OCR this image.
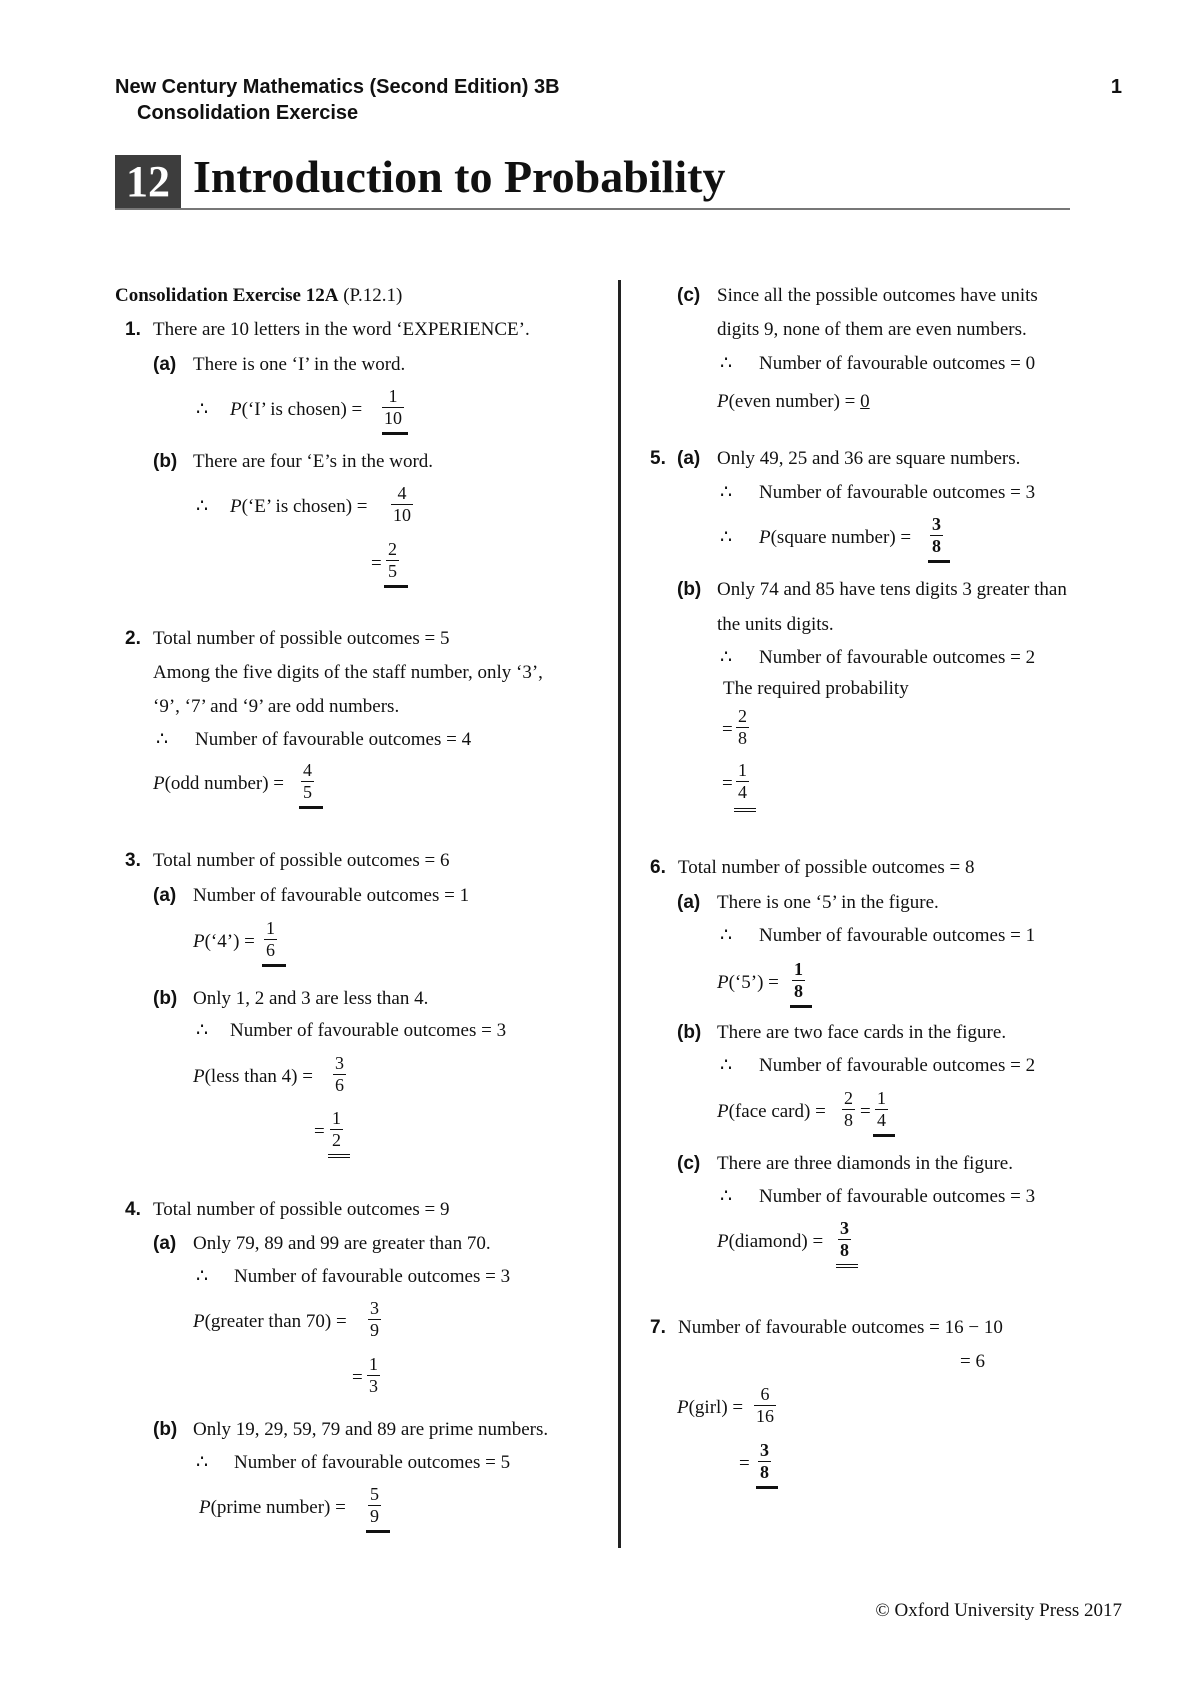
New Century Mathematics (Second Edition) 3B
Consolidation Exercise
1
12 Introduction to Probability
Consolidation Exercise 12A (P.12.1)
1. There are 10 letters in the word ‘EXPERIENCE’.
(a) There is one ‘I’ in the word.
∴ P(‘I’ is chosen) = $\frac{1}{10}$
(b) There are four ‘E’s in the word.
∴ P(‘E’ is chosen) = $\frac{4}{10}$
= $\frac{2}{5}$
2. Total number of possible outcomes = 5
Among the five digits of the staff number, only ‘3’,
‘9’, ‘7’ and ‘9’ are odd numbers.
∴ Number of favourable outcomes = 4
P(odd number) = $\frac{4}{5}$
3. Total number of possible outcomes = 6
(a) Number of favourable outcomes = 1
P(‘4’) = $\frac{1}{6}$
(b) Only 1, 2 and 3 are less than 4.
∴ Number of favourable outcomes = 3
P(less than $4) = \frac{3}{6}$
= $\frac{1}{2}$
4. Total number of possible outcomes = 9
(a) Only 79, 89 and 99 are greater than 70.
∴ Number of favourable outcomes = 3
P(greater than $70) = \frac{3}{9}$
= $\frac{1}{3}$
(b) Only 19, 29, 59, 79 and 89 are prime numbers.
∴ Number of favourable outcomes = 5
P(prime number) = $\frac{5}{9}$
(c) Since all the possible outcomes have units
digits 9, none of them are even numbers.
∴ Number of favourable outcomes = 0
P(even number) = 0
5. (a) Only 49, 25 and 36 are square numbers.
∴ Number of favourable outcomes = 3
∴ P(square number) = $\frac{3}{8}$
(b) Only 74 and 85 have tens digits 3 greater than
the units digits.
∴ Number of favourable outcomes = 2
The required probability
= $\frac{2}{8}$
= $\frac{1}{4}$
6. Total number of possible outcomes = 8
(a) There is one ‘5’ in the figure.
∴ Number of favourable outcomes = 1
P(‘5’) = $\frac{1}{8}$
(b) There are two face cards in the figure.
∴ Number of favourable outcomes = 2
P(face card) = $\frac{2}{8} = \frac{1}{4}$
(c) There are three diamonds in the figure.
∴ Number of favourable outcomes = 3
P(diamond) = $\frac{3}{8}$
7. Number of favourable outcomes = 16 − 10
= 6
P(girl) = $\frac{6}{16}$
= $\frac{3}{8}$
© Oxford University Press 2017
